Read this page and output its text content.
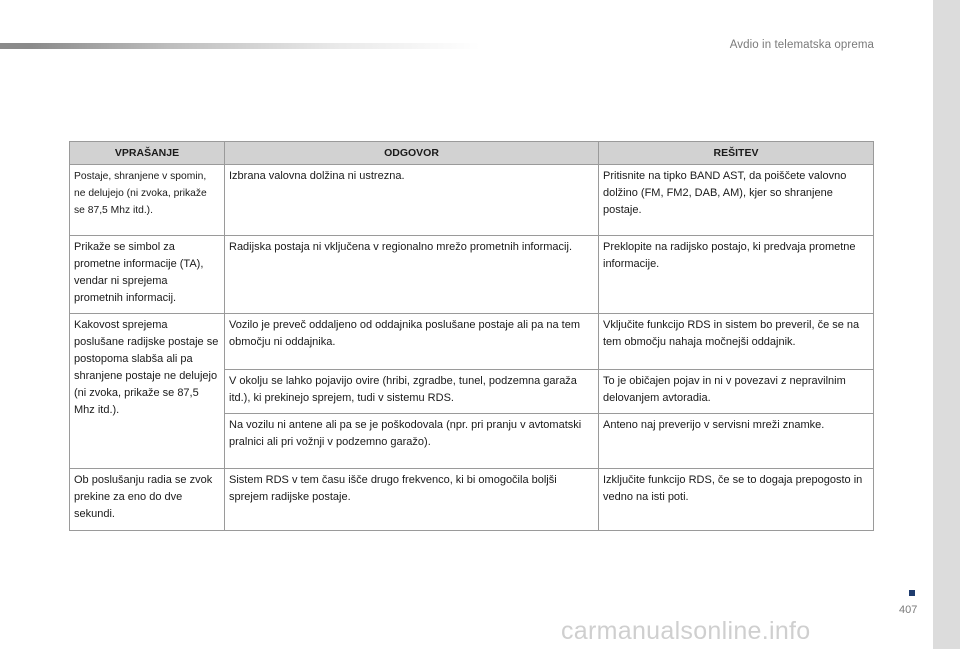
Avdio in telematska oprema
VPRAŠANJE	ODGOVOR	REŠITEV
Postaje, shranjene v spomin, ne delujejo (ni zvoka, prikaže se 87,5 Mhz itd.).	Izbrana valovna dolžina ni ustrezna.	Pritisnite na tipko BAND AST, da poiščete valovno dolžino (FM, FM2, DAB, AM), kjer so shranjene postaje.
Prikaže se simbol za prometne informacije (TA), vendar ni sprejema prometnih informacij.	Radijska postaja ni vključena v regionalno mrežo prometnih informacij.	Preklopite na radijsko postajo, ki predvaja prometne informacije.
Kakovost sprejema poslušane radijske postaje se postopoma slabša ali pa shranjene postaje ne delujejo (ni zvoka, prikaže se 87,5 Mhz itd.).	Vozilo je preveč oddaljeno od oddajnika poslušane postaje ali pa na tem območju ni oddajnika.	Vključite funkcijo RDS in sistem bo preveril, če se na tem območju nahaja močnejši oddajnik.
	V okolju se lahko pojavijo ovire (hribi, zgradbe, tunel, podzemna garaža itd.), ki prekinejo sprejem, tudi v sistemu RDS.	To je običajen pojav in ni v povezavi z nepravilnim delovanjem avtoradia.
	Na vozilu ni antene ali pa se je poškodovala (npr. pri pranju v avtomatski pralnici ali pri vožnji v podzemno garažo).	Anteno naj preverijo v servisni mreži znamke.
Ob poslušanju radia se zvok prekine za eno do dve sekundi.	Sistem RDS v tem času išče drugo frekvenco, ki bi omogočila boljši sprejem radijske postaje.	Izključite funkcijo RDS, če se to dogaja prepogosto in vedno na isti poti.
407
carmanualsonline.info
